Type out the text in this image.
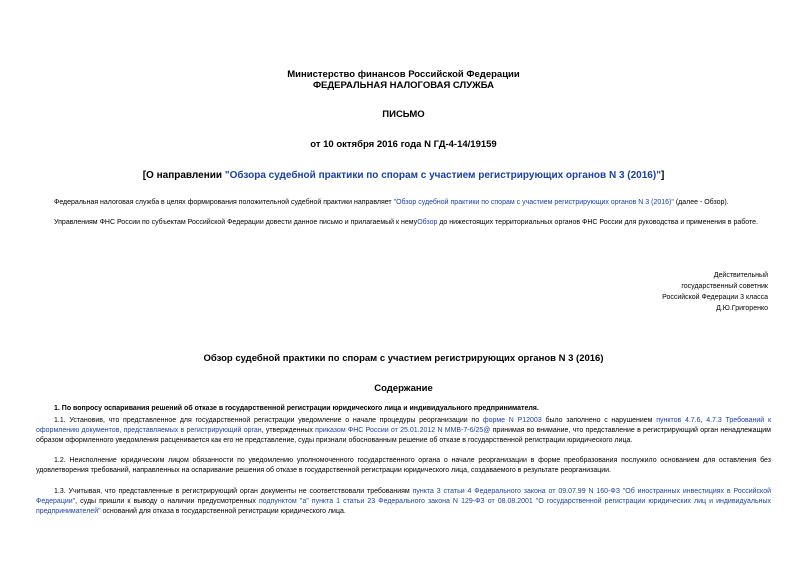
Министерство финансов Российской Федерации
ФЕДЕРАЛЬНАЯ НАЛОГОВАЯ СЛУЖБА
ПИСЬМО
от 10 октября 2016 года N ГД-4-14/19159
[О направлении "Обзора судебной практики по спорам с участием регистрирующих органов N 3 (2016)"]
Федеральная налоговая служба в целях формирования положительной судебной практики направляет "Обзор судебной практики по спорам с участием регистрирующих органов N 3 (2016)" (далее - Обзор).
Управлениям ФНС России по субъектам Российской Федерации довести данное письмо и прилагаемый к немуОбзор до нижестоящих территориальных органов ФНС России для руководства и применения в работе.
Действительный
государственный советник
Российской Федерации 3 класса
Д.Ю.Григоренко
Обзор судебной практики по спорам с участием регистрирующих органов N 3 (2016)
Содержание
1. По вопросу оспаривания решений об отказе в государственной регистрации юридического лица и индивидуального предпринимателя.
1.1. Установив, что представленное для государственной регистрации уведомление о начале процедуры реорганизации по форме N Р12003 было заполнено с нарушением пунктов 4.7.6, 4.7.3 Требований к оформлению документов, представляемых в регистрирующий орган, утвержденных приказом ФНС России от 25.01.2012 N ММВ-7-6/25@ принимая во внимание, что представление в регистрирующий орган ненадлежащим образом оформленного уведомления расценивается как его не представление, суды признали обоснованным решение об отказе в государственной регистрации юридического лица.
1.2. Неисполнение юридическим лицом обязанности по уведомлению уполномоченного государственного органа о начале реорганизации в форме преобразования послужило основанием для оставления без удовлетворения требований, направленных на оспаривание решения об отказе в государственной регистрации юридического лица, создаваемого в результате реорганизации.
1.3. Учитывая, что представленные в регистрирующий орган документы не соответствовали требованиям пункта 3 статьи 4 Федерального закона от 09.07.99 N 160-ФЗ "Об иностранных инвестициях в Российской Федерации", суды пришли к выводу о наличии предусмотренных подпунктом "а" пункта 1 статьи 23 Федерального закона N 129-ФЗ от 08.08.2001 "О государственной регистрации юридических лиц и индивидуальных предпринимателей" оснований для отказа в государственной регистрации юридического лица.
